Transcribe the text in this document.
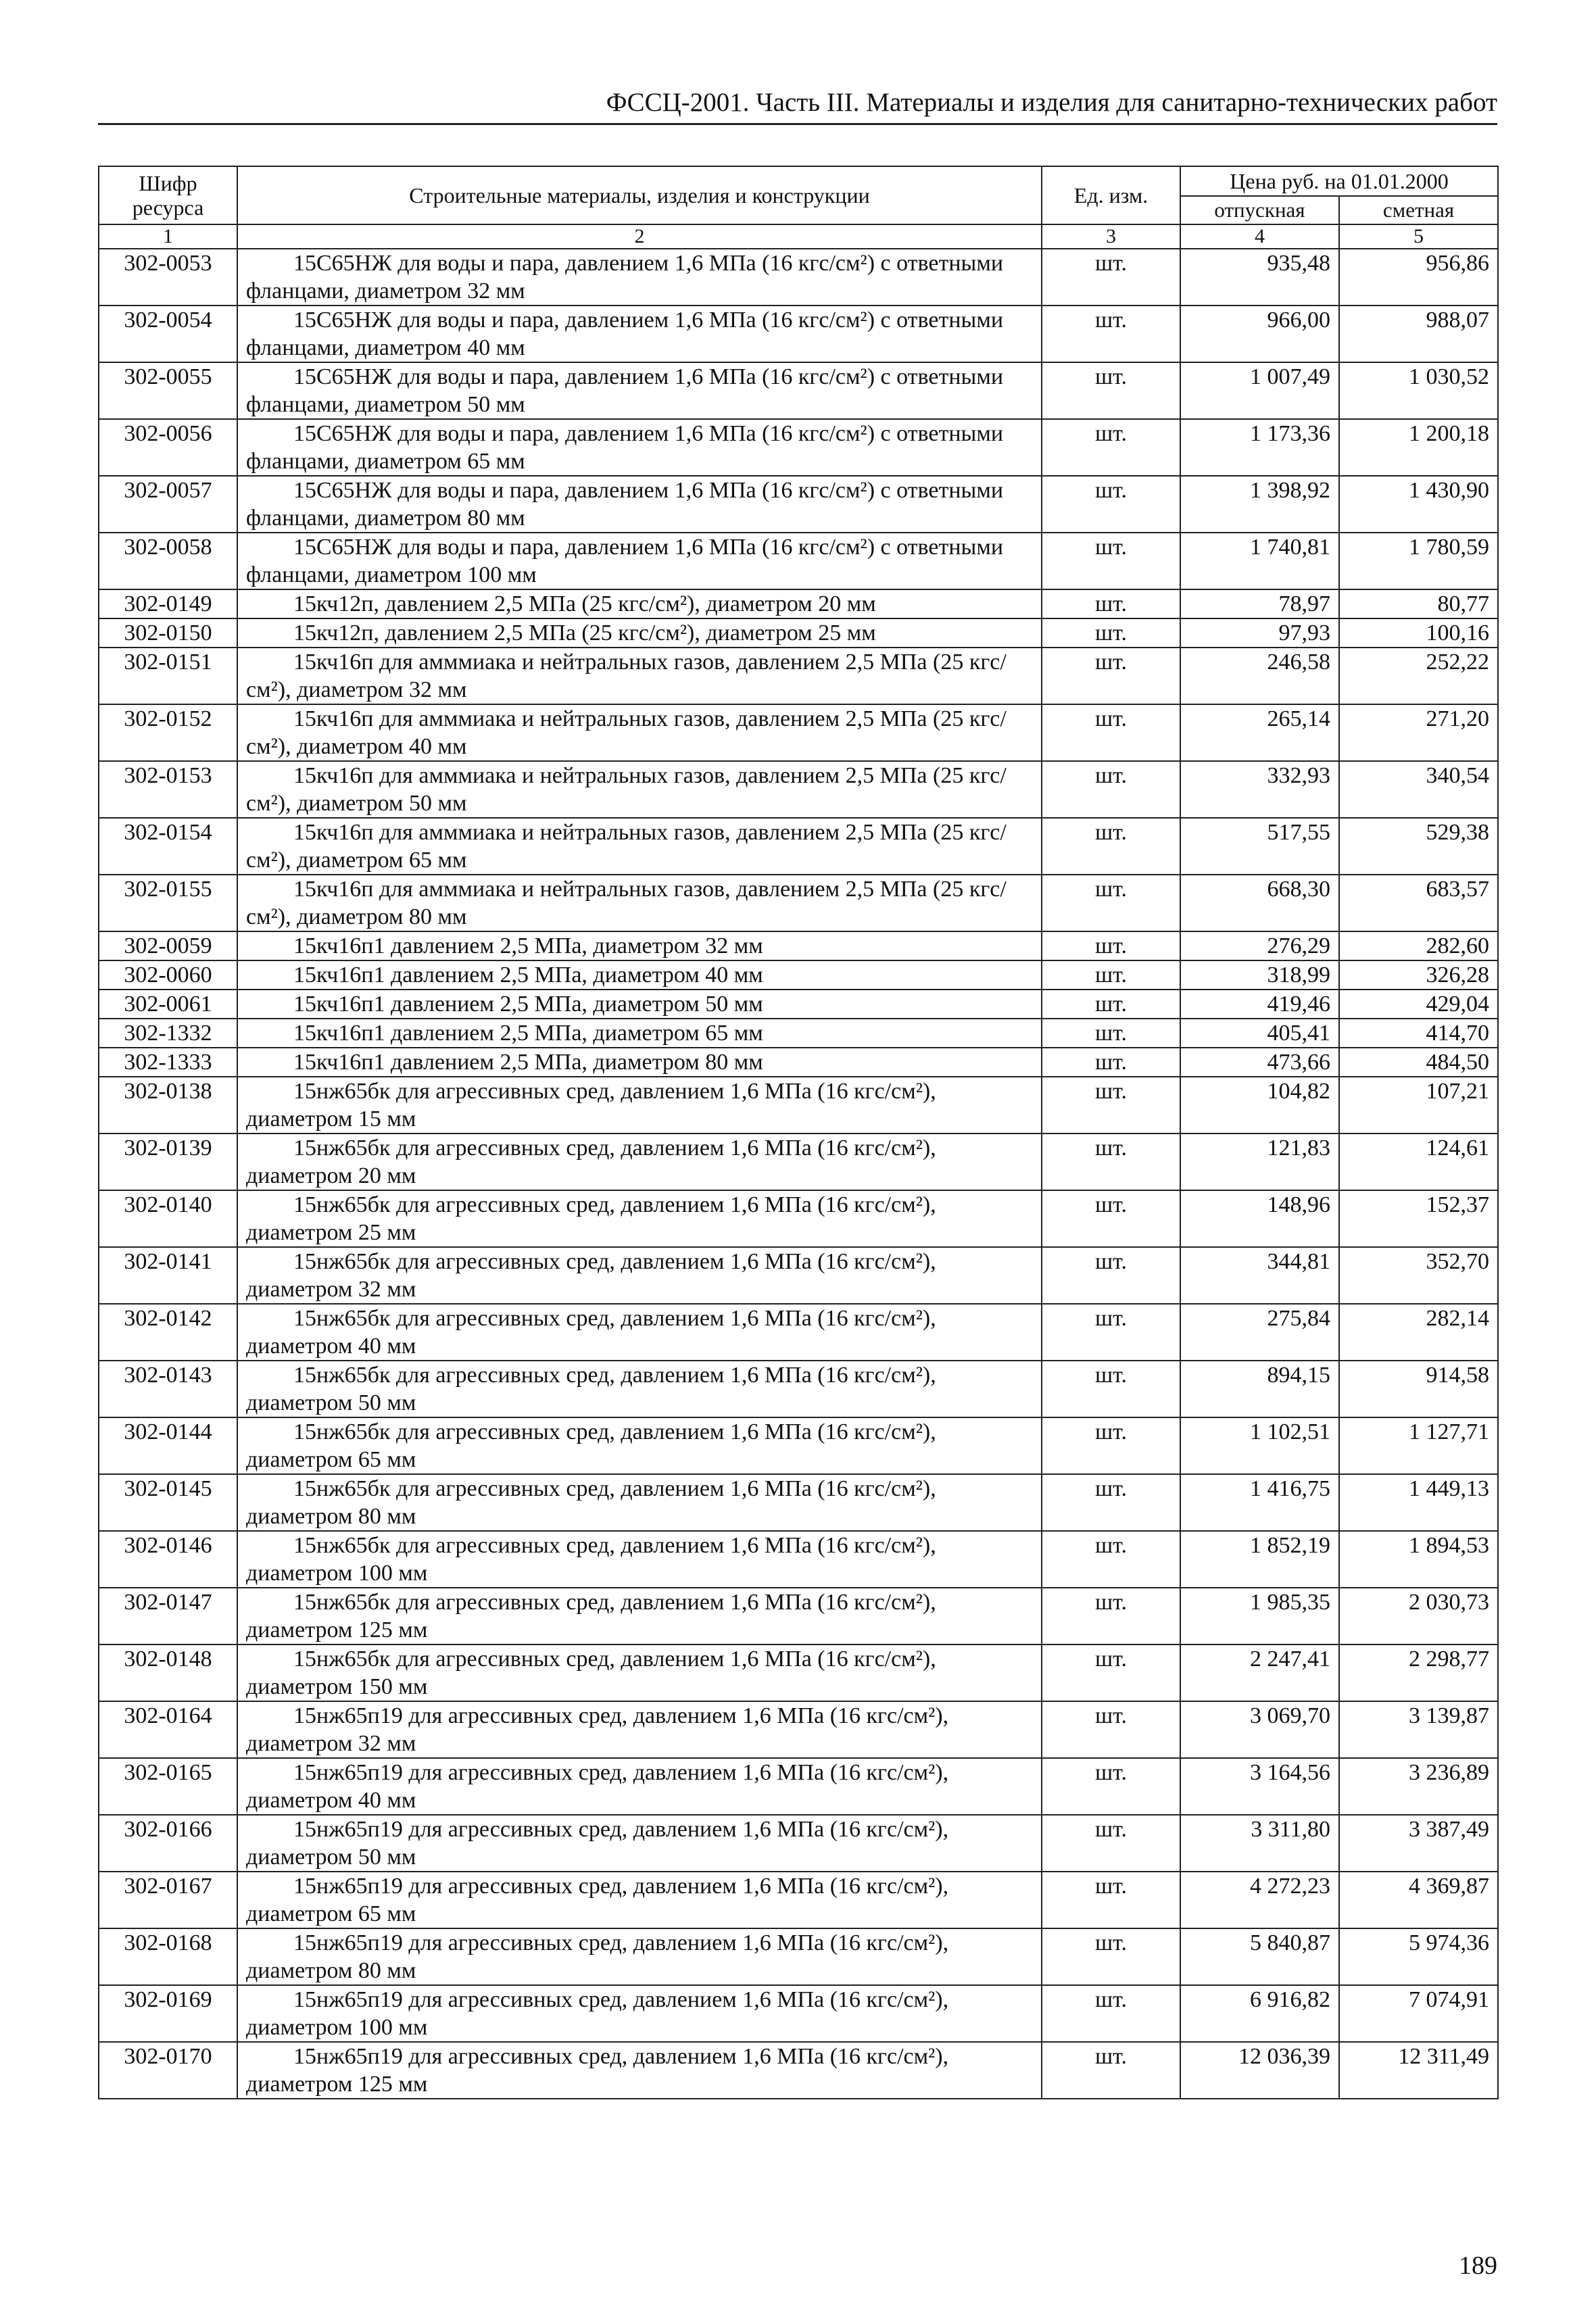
ФССЦ-2001. Часть III. Материалы и изделия для санитарно-технических работ
Шифр ресурса	Строительные материалы, изделия и конструкции	Ед. изм.	Цена руб. на 01.01.2000	
			отпускная	сметная
1	2	3	4	5
302-0053	15С65НЖ для воды и пара, давлением 1,6 МПа (16 кгс/см²) с ответными фланцами, диаметром 32 мм	шт.	935,48	956,86
302-0054	15С65НЖ для воды и пара, давлением 1,6 МПа (16 кгс/см²) с ответными фланцами, диаметром 40 мм	шт.	966,00	988,07
302-0055	15С65НЖ для воды и пара, давлением 1,6 МПа (16 кгс/см²) с ответными фланцами, диаметром 50 мм	шт.	1 007,49	1 030,52
302-0056	15С65НЖ для воды и пара, давлением 1,6 МПа (16 кгс/см²) с ответными фланцами, диаметром 65 мм	шт.	1 173,36	1 200,18
302-0057	15С65НЖ для воды и пара, давлением 1,6 МПа (16 кгс/см²) с ответными фланцами, диаметром 80 мм	шт.	1 398,92	1 430,90
302-0058	15С65НЖ для воды и пара, давлением 1,6 МПа (16 кгс/см²) с ответными фланцами, диаметром 100 мм	шт.	1 740,81	1 780,59
302-0149	15кч12п, давлением 2,5 МПа (25 кгс/см²), диаметром 20 мм	шт.	78,97	80,77
302-0150	15кч12п, давлением 2,5 МПа (25 кгс/см²), диаметром 25 мм	шт.	97,93	100,16
302-0151	15кч16п для амммиака и нейтральных газов, давлением 2,5 МПа (25 кгс/см²), диаметром 32 мм	шт.	246,58	252,22
302-0152	15кч16п для амммиака и нейтральных газов, давлением 2,5 МПа (25 кгс/см²), диаметром 40 мм	шт.	265,14	271,20
302-0153	15кч16п для амммиака и нейтральных газов, давлением 2,5 МПа (25 кгс/см²), диаметром 50 мм	шт.	332,93	340,54
302-0154	15кч16п для амммиака и нейтральных газов, давлением 2,5 МПа (25 кгс/см²), диаметром 65 мм	шт.	517,55	529,38
302-0155	15кч16п для амммиака и нейтральных газов, давлением 2,5 МПа (25 кгс/см²), диаметром 80 мм	шт.	668,30	683,57
302-0059	15кч16п1 давлением 2,5 МПа, диаметром 32 мм	шт.	276,29	282,60
302-0060	15кч16п1 давлением 2,5 МПа, диаметром 40 мм	шт.	318,99	326,28
302-0061	15кч16п1 давлением 2,5 МПа, диаметром 50 мм	шт.	419,46	429,04
302-1332	15кч16п1 давлением 2,5 МПа, диаметром 65 мм	шт.	405,41	414,70
302-1333	15кч16п1 давлением 2,5 МПа, диаметром 80 мм	шт.	473,66	484,50
302-0138	15нж65бк для агрессивных сред, давлением 1,6 МПа (16 кгс/см²), диаметром 15 мм	шт.	104,82	107,21
302-0139	15нж65бк для агрессивных сред, давлением 1,6 МПа (16 кгс/см²), диаметром 20 мм	шт.	121,83	124,61
302-0140	15нж65бк для агрессивных сред, давлением 1,6 МПа (16 кгс/см²), диаметром 25 мм	шт.	148,96	152,37
302-0141	15нж65бк для агрессивных сред, давлением 1,6 МПа (16 кгс/см²), диаметром 32 мм	шт.	344,81	352,70
302-0142	15нж65бк для агрессивных сред, давлением 1,6 МПа (16 кгс/см²), диаметром 40 мм	шт.	275,84	282,14
302-0143	15нж65бк для агрессивных сред, давлением 1,6 МПа (16 кгс/см²), диаметром 50 мм	шт.	894,15	914,58
302-0144	15нж65бк для агрессивных сред, давлением 1,6 МПа (16 кгс/см²), диаметром 65 мм	шт.	1 102,51	1 127,71
302-0145	15нж65бк для агрессивных сред, давлением 1,6 МПа (16 кгс/см²), диаметром 80 мм	шт.	1 416,75	1 449,13
302-0146	15нж65бк для агрессивных сред, давлением 1,6 МПа (16 кгс/см²), диаметром 100 мм	шт.	1 852,19	1 894,53
302-0147	15нж65бк для агрессивных сред, давлением 1,6 МПа (16 кгс/см²), диаметром 125 мм	шт.	1 985,35	2 030,73
302-0148	15нж65бк для агрессивных сред, давлением 1,6 МПа (16 кгс/см²), диаметром 150 мм	шт.	2 247,41	2 298,77
302-0164	15нж65п19 для агрессивных сред, давлением 1,6 МПа (16 кгс/см²), диаметром 32 мм	шт.	3 069,70	3 139,87
302-0165	15нж65п19 для агрессивных сред, давлением 1,6 МПа (16 кгс/см²), диаметром 40 мм	шт.	3 164,56	3 236,89
302-0166	15нж65п19 для агрессивных сред, давлением 1,6 МПа (16 кгс/см²), диаметром 50 мм	шт.	3 311,80	3 387,49
302-0167	15нж65п19 для агрессивных сред, давлением 1,6 МПа (16 кгс/см²), диаметром 65 мм	шт.	4 272,23	4 369,87
302-0168	15нж65п19 для агрессивных сред, давлением 1,6 МПа (16 кгс/см²), диаметром 80 мм	шт.	5 840,87	5 974,36
302-0169	15нж65п19 для агрессивных сред, давлением 1,6 МПа (16 кгс/см²), диаметром 100 мм	шт.	6 916,82	7 074,91
302-0170	15нж65п19 для агрессивных сред, давлением 1,6 МПа (16 кгс/см²), диаметром 125 мм	шт.	12 036,39	12 311,49
189
